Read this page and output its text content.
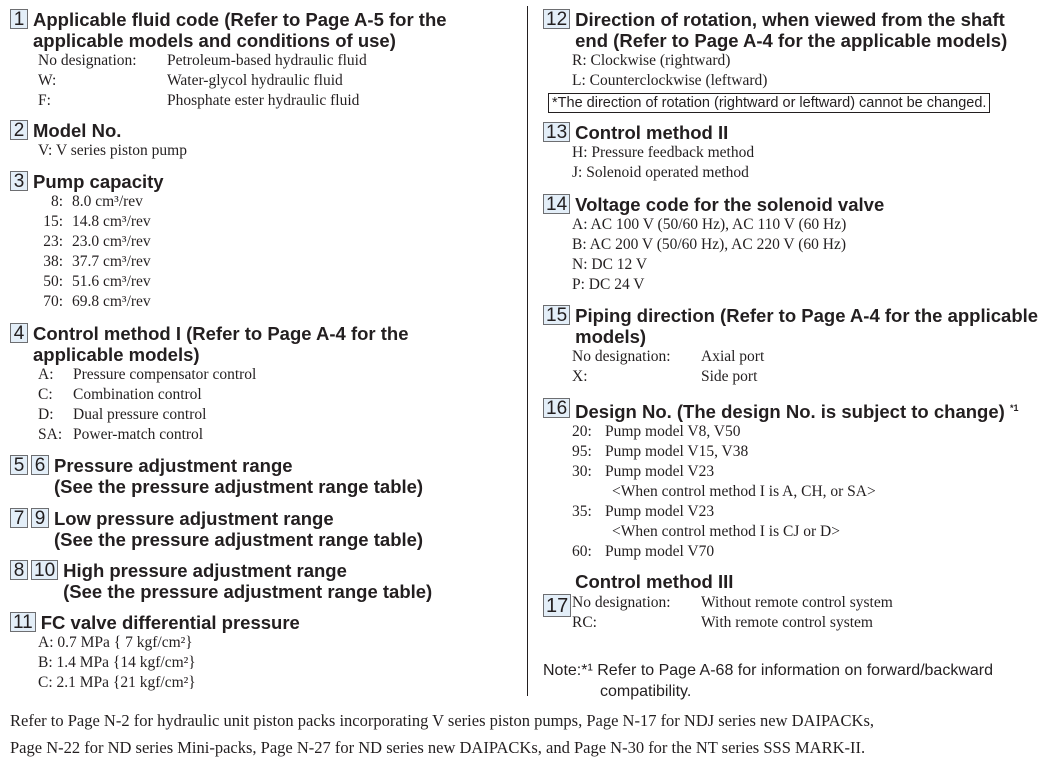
1 Applicable fluid code (Refer to Page A-5 for the
applicable models and conditions of use)
No designation:	Petroleum-based hydraulic fluid
W:	Water-glycol hydraulic fluid
F:	Phosphate ester hydraulic fluid
2 Model No.
V: V series piston pump
3 Pump capacity
8: 8.0 cm³/rev
15: 14.8 cm³/rev
23: 23.0 cm³/rev
38: 37.7 cm³/rev
50: 51.6 cm³/rev
70: 69.8 cm³/rev
4 Control method I (Refer to Page A-4 for the
applicable models)
A:	Pressure compensator control
C:	Combination control
D:	Dual pressure control
SA: Power-match control
5 6 Pressure adjustment range
(See the pressure adjustment range table)
7 9 Low pressure adjustment range
(See the pressure adjustment range table)
8 10 High pressure adjustment range
(See the pressure adjustment range table)
11 FC valve differential pressure
A: 0.7 MPa { 7 kgf/cm²}
B: 1.4 MPa {14 kgf/cm²}
C: 2.1 MPa {21 kgf/cm²}
12 Direction of rotation, when viewed from the shaft
end (Refer to Page A-4 for the applicable models)
R: Clockwise (rightward)
L: Counterclockwise (leftward)
*The direction of rotation (rightward or leftward) cannot be changed.
13 Control method II
H: Pressure feedback method
J: Solenoid operated method
14 Voltage code for the solenoid valve
A: AC 100 V (50/60 Hz), AC 110 V (60 Hz)
B: AC 200 V (50/60 Hz), AC 220 V (60 Hz)
N: DC 12 V
P: DC 24 V
15 Piping direction (Refer to Page A-4 for the applicable
models)
No designation:	Axial port
X:	Side port
16 Design No. (The design No. is subject to change) $^{*1}$
20: Pump model V8, V50
95: Pump model V15, V38
30: Pump model V23
<When control method I is A, CH, or SA>
35: Pump model V23
<When control method I is CJ or D>
60: Pump model V70
Control method III
No designation:	Without remote control system
RC:	With remote control system
17
Note:*¹ Refer to Page A-68 for information on forward/backward
compatibility.
Refer to Page N-2 for hydraulic unit piston packs incorporating V series piston pumps, Page N-17 for NDJ series new DAIPACKs,
Page N-22 for ND series Mini-packs, Page N-27 for ND series new DAIPACKs, and Page N-30 for the NT series SSS MARK-II.
